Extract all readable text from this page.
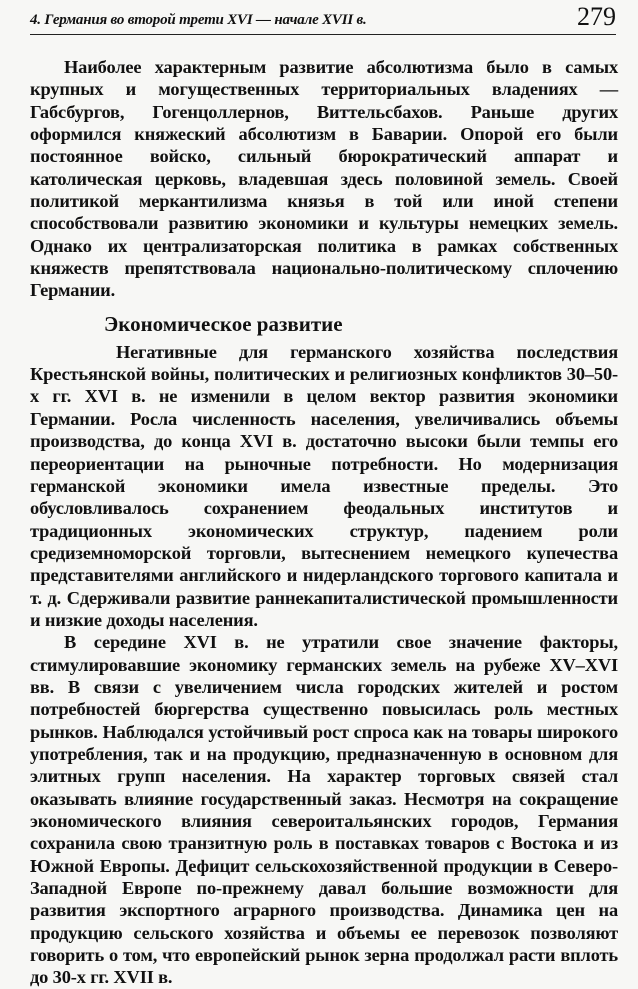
4. Германия во второй трети XVI — начале XVII в.	279

Наиболее характерным развитие абсолютизма было в самых крупных и могущественных территориальных владениях — Габсбургов, Гогенцоллернов, Виттельсбахов. Раньше других оформился княжеский абсолютизм в Баварии. Опорой его были постоянное войско, сильный бюрократический аппарат и католическая церковь, владевшая здесь половиной земель. Своей политикой меркантилизма князья в той или иной степени способствовали развитию экономики и культуры немецких земель. Однако их централизаторская политика в рамках собственных княжеств препятствовала национально-политическому сплочению Германии.

Экономическое развитие

Негативные для германского хозяйства последствия Крестьянской войны, политических и религиозных конфликтов 30–50-х гг. XVI в. не изменили в целом вектор развития экономики Германии. Росла численность населения, увеличивались объемы производства, до конца XVI в. достаточно высоки были темпы его переориентации на рыночные потребности. Но модернизация германской экономики имела известные пределы. Это обусловливалось сохранением феодальных институтов и традиционных экономических структур, падением роли средиземноморской торговли, вытеснением немецкого купечества представителями английского и нидерландского торгового капитала и т. д. Сдерживали развитие раннекапиталистической промышленности и низкие доходы населения.

В середине XVI в. не утратили свое значение факторы, стимулировавшие экономику германских земель на рубеже XV–XVI вв. В связи с увеличением числа городских жителей и ростом потребностей бюргерства существенно повысилась роль местных рынков. Наблюдался устойчивый рост спроса как на товары широкого употребления, так и на продукцию, предназначенную в основном для элитных групп населения. На характер торговых связей стал оказывать влияние государственный заказ. Несмотря на сокращение экономического влияния североитальянских городов, Германия сохранила свою транзитную роль в поставках товаров с Востока и из Южной Европы. Дефицит сельскохозяйственной продукции в Северо-Западной Европе по-прежнему давал большие возможности для развития экспортного аграрного производства. Динамика цен на продукцию сельского хозяйства и объемы ее перевозок позволяют говорить о том, что европейский рынок зерна продолжал расти вплоть до 30-х гг. XVII в.
